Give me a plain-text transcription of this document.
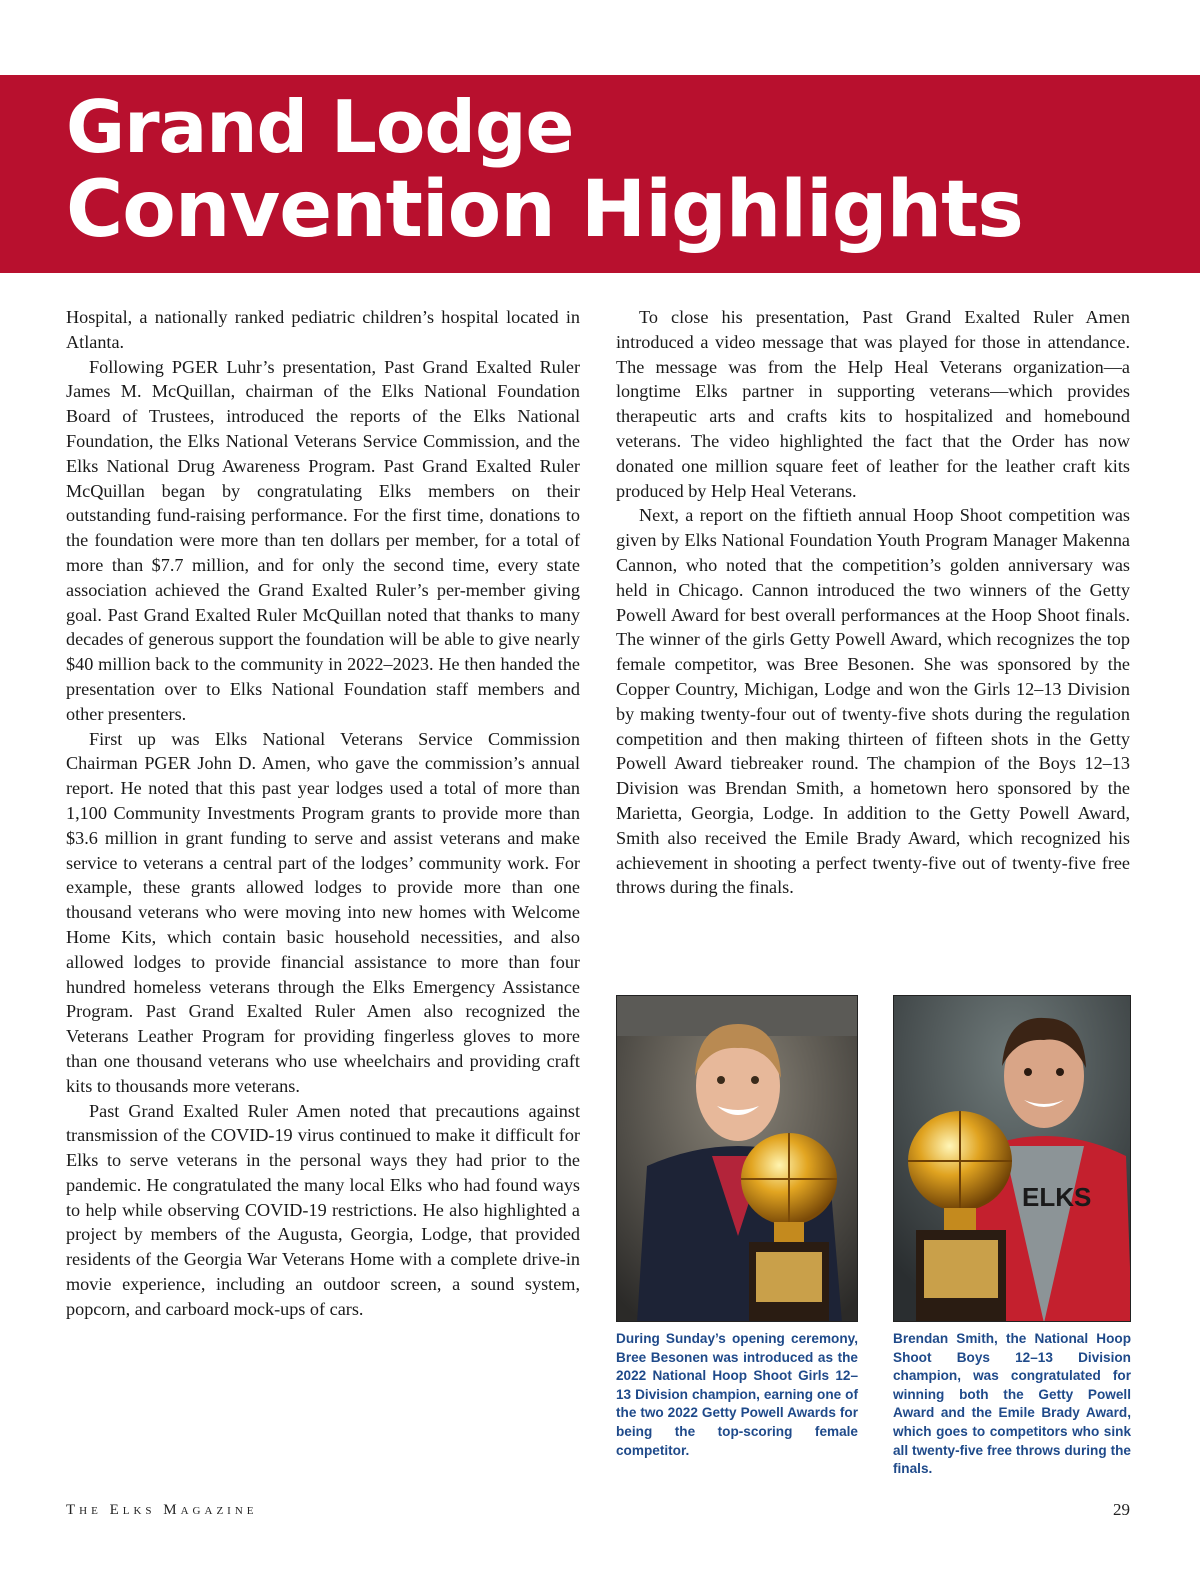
Grand Lodge
Convention Highlights

Hospital, a nationally ranked pediatric children’s hospital located in Atlanta.

Following PGER Luhr’s presentation, Past Grand Exalted Ruler James M. McQuillan, chairman of the Elks National Foundation Board of Trustees, introduced the reports of the Elks National Foundation, the Elks National Veterans Service Commission, and the Elks National Drug Awareness Program. Past Grand Exalted Ruler McQuillan began by congratulating Elks members on their outstanding fund-raising performance. For the first time, donations to the foundation were more than ten dollars per member, for a total of more than $7.7 million, and for only the second time, every state association achieved the Grand Exalted Ruler’s per-member giving goal. Past Grand Exalted Ruler McQuillan noted that thanks to many decades of generous support the foundation will be able to give nearly $40 million back to the community in 2022–2023. He then handed the presentation over to Elks National Foundation staff members and other presenters.

First up was Elks National Veterans Service Commission Chairman PGER John D. Amen, who gave the commission’s annual report. He noted that this past year lodges used a total of more than 1,100 Community Investments Program grants to provide more than $3.6 million in grant funding to serve and assist veterans and make service to veterans a central part of the lodges’ community work. For example, these grants allowed lodges to provide more than one thousand veterans who were moving into new homes with Welcome Home Kits, which contain basic household necessities, and also allowed lodges to provide financial assistance to more than four hundred homeless veterans through the Elks Emergency Assistance Program. Past Grand Exalted Ruler Amen also recognized the Veterans Leather Program for providing fingerless gloves to more than one thousand veterans who use wheelchairs and providing craft kits to thousands more veterans.

Past Grand Exalted Ruler Amen noted that precautions against transmission of the COVID-19 virus continued to make it difficult for Elks to serve veterans in the personal ways they had prior to the pandemic. He congratulated the many local Elks who had found ways to help while observing COVID-19 restrictions. He also highlighted a project by members of the Augusta, Georgia, Lodge, that provided residents of the Georgia War Veterans Home with a complete drive-in movie experience, including an outdoor screen, a sound system, popcorn, and carboard mock-ups of cars.

To close his presentation, Past Grand Exalted Ruler Amen introduced a video message that was played for those in attendance. The message was from the Help Heal Veterans organization—a longtime Elks partner in supporting veterans—which provides therapeutic arts and crafts kits to hospitalized and homebound veterans. The video highlighted the fact that the Order has now donated one million square feet of leather for the leather craft kits produced by Help Heal Veterans.

Next, a report on the fiftieth annual Hoop Shoot competition was given by Elks National Foundation Youth Program Manager Makenna Cannon, who noted that the competition’s golden anniversary was held in Chicago. Cannon introduced the two winners of the Getty Powell Award for best overall performances at the Hoop Shoot finals. The winner of the girls Getty Powell Award, which recognizes the top female competitor, was Bree Besonen. She was sponsored by the Copper Country, Michigan, Lodge and won the Girls 12–13 Division by making twenty-four out of twenty-five shots during the regulation competition and then making thirteen of fifteen shots in the Getty Powell Award tiebreaker round. The champion of the Boys 12–13 Division was Brendan Smith, a hometown hero sponsored by the Marietta, Georgia, Lodge. In addition to the Getty Powell Award, Smith also received the Emile Brady Award, which recognized his achievement in shooting a perfect twenty-five out of twenty-five free throws during the finals.

ELKS

During Sunday’s opening ceremony, Bree Besonen was introduced as the 2022 National Hoop Shoot Girls 12–13 Division champion, earning one of the two 2022 Getty Powell Awards for being the top-scoring female competitor.

Brendan Smith, the National Hoop Shoot Boys 12–13 Division champion, was congratulated for winning both the Getty Powell Award and the Emile Brady Award, which goes to competitors who sink all twenty-five free throws during the finals.

The Elks Magazine	29
